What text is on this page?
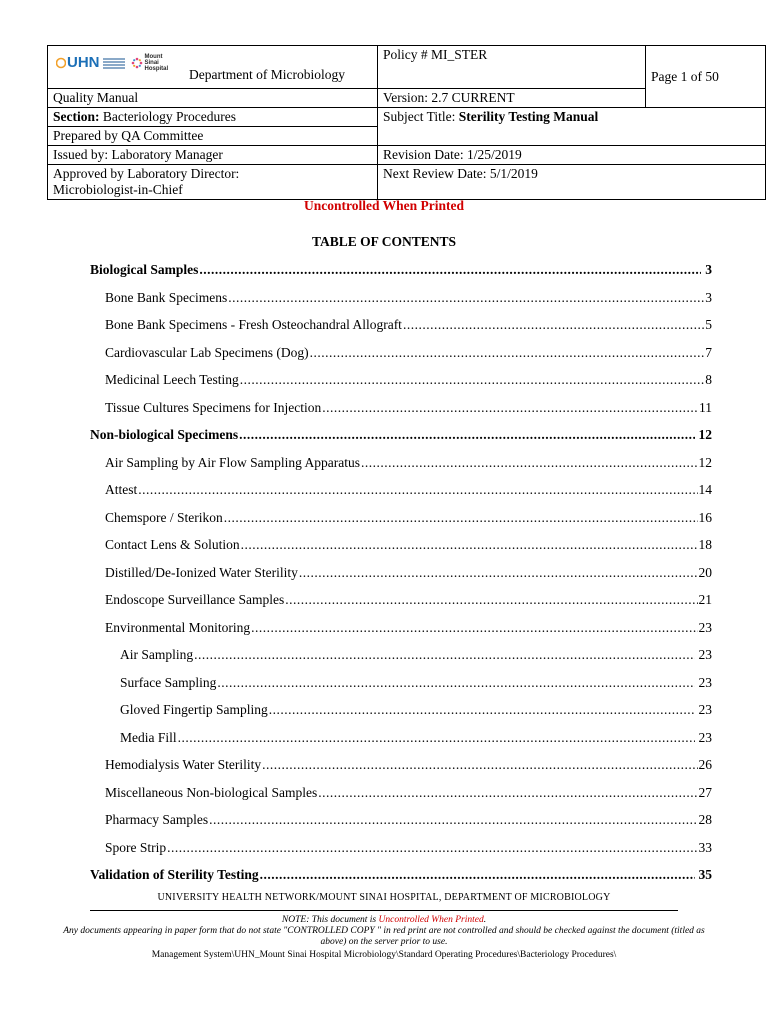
UHN Mount Sinai Hospital Department of Microbiology	Policy # MI_STER	Page 1 of 50
Quality Manual	Version: 2.7 CURRENT	
Section: Bacteriology Procedures	Subject Title: Sterility Testing Manual	
Prepared by QA Committee		
Issued by: Laboratory Manager	Revision Date: 1/25/2019	

Approved by Laboratory Director:
Microbiologist-in-Chief	Next Review Date: 5/1/2019	
Uncontrolled When Printed
TABLE OF CONTENTS
Biological Samples .....	3
Bone Bank Specimens .....	3
Bone Bank Specimens - Fresh Osteochandral Allograft .....	5
Cardiovascular Lab Specimens (Dog) .....	7
Medicinal Leech Testing .....	8
Tissue Cultures Specimens for Injection .....	11
Non-biological Specimens .....	12
Air Sampling by Air Flow Sampling Apparatus .....	12
Attest .....	14
Chemspore / Sterikon .....	16
Contact Lens & Solution .....	18
Distilled/De-Ionized Water Sterility .....	20
Endoscope Surveillance Samples .....	21
Environmental Monitoring .....	23
Air Sampling .....	23
Surface Sampling .....	23
Gloved Fingertip Sampling .....	23
Media Fill .....	23
Hemodialysis Water Sterility .....	26
Miscellaneous Non-biological Samples .....	27
Pharmacy Samples .....	28
Spore Strip .....	33
Validation of Sterility Testing .....	35
UNIVERSITY HEALTH NETWORK/MOUNT SINAI HOSPITAL, DEPARTMENT OF MICROBIOLOGY
NOTE: This document is Uncontrolled When Printed.
Any documents appearing in paper form that do not state "CONTROLLED COPY " in red print are not controlled and should be checked against the document (titled as above) on the server prior to use.
Management System\UHN_Mount Sinai Hospital Microbiology\Standard Operating Procedures\Bacteriology Procedures\
